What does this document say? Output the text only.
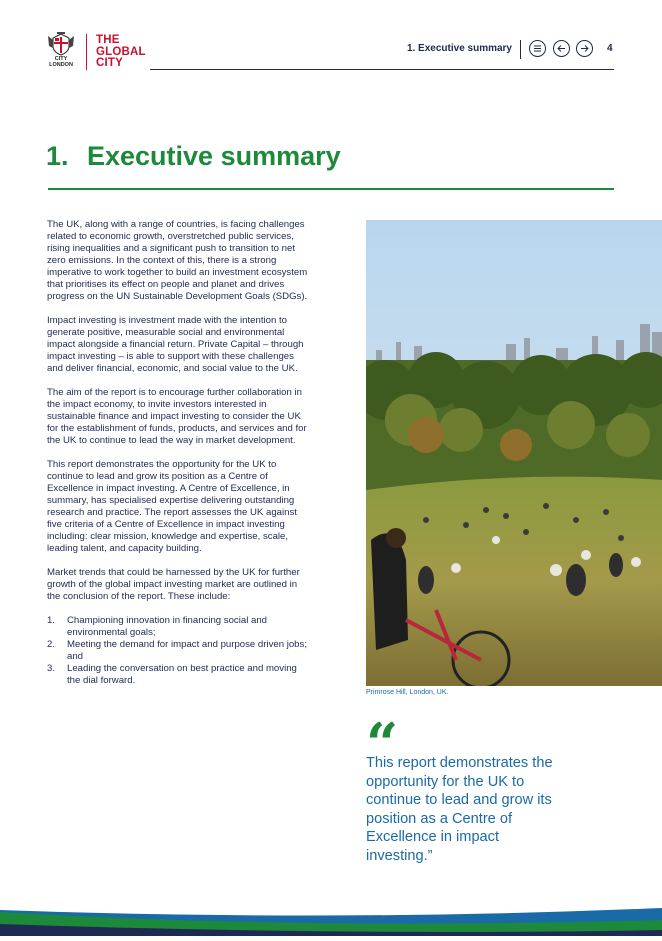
CITY
LONDON
THE
GLOBAL
CITY
1. Executive summary	4
1. Executive summary

The UK, along with a range of countries, is facing challenges related to economic growth, overstretched public services, rising inequalities and a significant push to transition to net zero emissions. In the context of this, there is a strong imperative to work together to build an investment ecosystem that prioritises its effect on people and planet and drives progress on the UN Sustainable Development Goals (SDGs).

Impact investing is investment made with the intention to generate positive, measurable social and environmental impact alongside a financial return. Private Capital – through impact investing – is able to support with these challenges and deliver financial, economic, and social value to the UK.

The aim of the report is to encourage further collaboration in the impact economy, to invite investors interested in sustainable finance and impact investing to consider the UK for the establishment of funds, products, and services and for the UK to continue to lead the way in market development.

This report demonstrates the opportunity for the UK to continue to lead and grow its position as a Centre of Excellence in impact investing. A Centre of Excellence, in summary, has specialised expertise delivering outstanding research and practice. The report assesses the UK against five criteria of a Centre of Excellence in impact investing including: clear mission, knowledge and expertise, scale, leading talent, and capacity building.

Market trends that could be harnessed by the UK for further growth of the global impact investing market are outlined in the conclusion of the report. These include:

1. Championing innovation in financing social and environmental goals;
2. Meeting the demand for impact and purpose driven jobs; and
3. Leading the conversation on best practice and moving the dial forward.
Primrose Hill, London, UK.
“
This report demonstrates the opportunity for the UK to continue to lead and grow its position as a Centre of Excellence in impact investing.”
